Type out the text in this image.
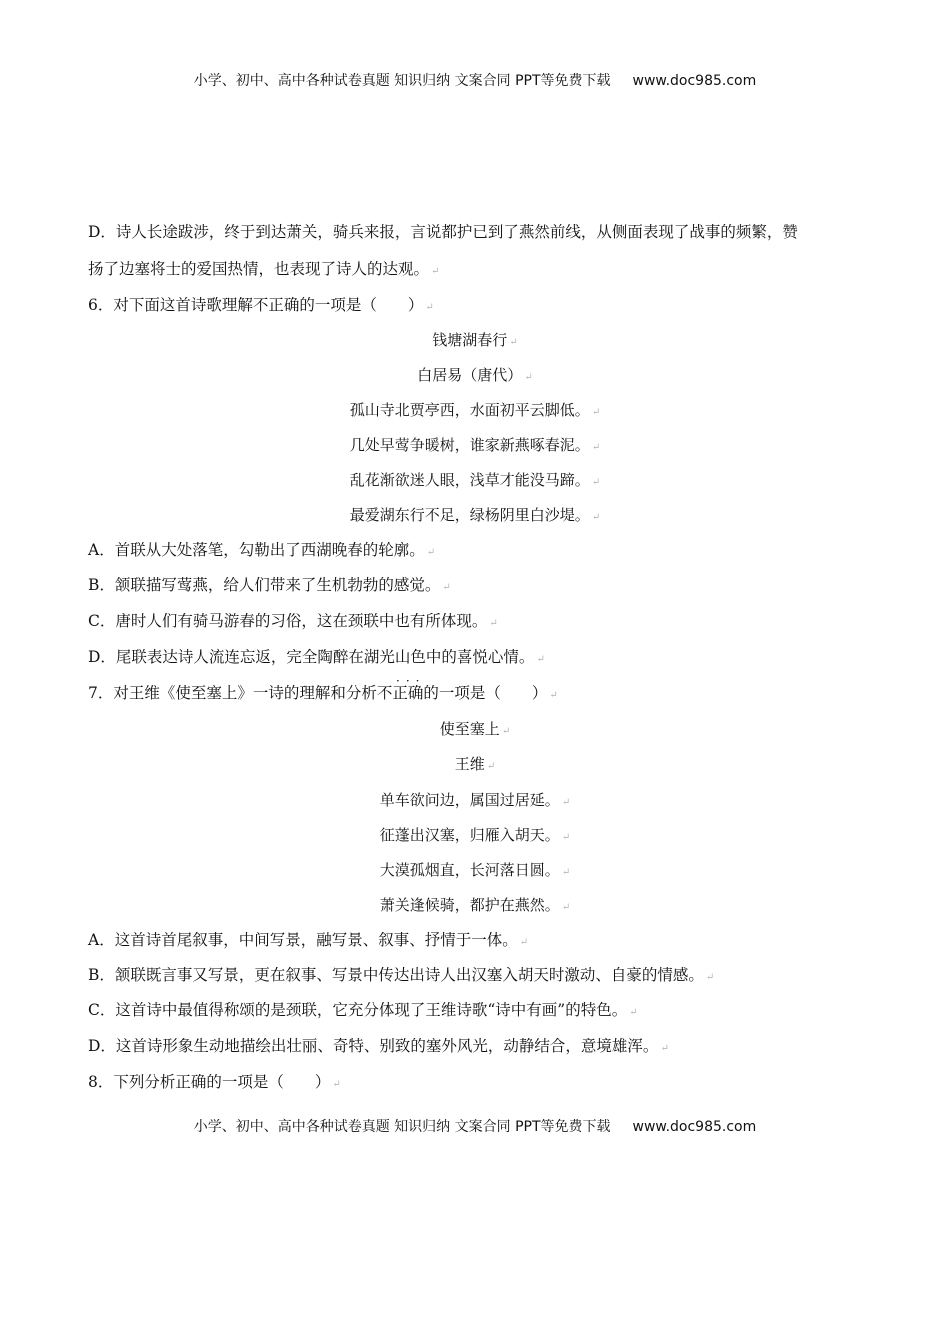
小学、初中、高中各种试卷真题 知识归纳 文案合同 PPT等免费下载 www.doc985.com
D．诗人长途跋涉，终于到达萧关，骑兵来报，言说都护已到了燕然前线，从侧面表现了战事的频繁，赞
扬了边塞将士的爱国热情，也表现了诗人的达观。 ↵
6．对下面这首诗歌理解不正确的一项是（　　） ↵
钱塘湖春行 ↵
白居易（唐代） ↵
孤山寺北贾亭西，水面初平云脚低。 ↵
几处早莺争暖树，谁家新燕啄春泥。 ↵
乱花渐欲迷人眼，浅草才能没马蹄。 ↵
最爱湖东行不足，绿杨阴里白沙堤。 ↵
A．首联从大处落笔，勾勒出了西湖晚春的轮廓。 ↵
B．颔联描写莺燕，给人们带来了生机勃勃的感觉。 ↵
C．唐时人们有骑马游春的习俗，这在颈联中也有所体现。 ↵
D．尾联表达诗人流连忘返，完全陶醉在湖光山色中的喜悦心情。 ↵
···
7．对王维《使至塞上》一诗的理解和分析不正确的一项是（　　） ↵
使至塞上 ↵
王维 ↵
单车欲问边，属国过居延。 ↵
征蓬出汉塞，归雁入胡天。 ↵
大漠孤烟直，长河落日圆。 ↵
萧关逢候骑，都护在燕然。 ↵
A．这首诗首尾叙事，中间写景，融写景、叙事、抒情于一体。 ↵
B．颔联既言事又写景，更在叙事、写景中传达出诗人出汉塞入胡天时激动、自豪的情感。 ↵
C．这首诗中最值得称颂的是颈联，它充分体现了王维诗歌“诗中有画”的特色。 ↵
D．这首诗形象生动地描绘出壮丽、奇特、别致的塞外风光，动静结合，意境雄浑。 ↵
8．下列分析正确的一项是（　　） ↵
小学、初中、高中各种试卷真题 知识归纳 文案合同 PPT等免费下载 www.doc985.com
